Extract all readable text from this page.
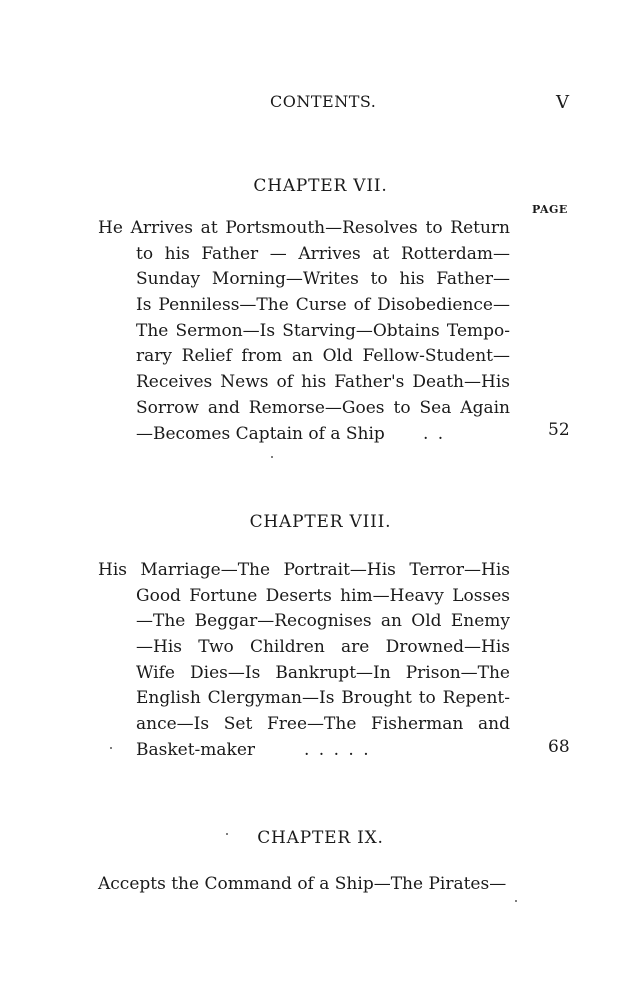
CONTENTS.	V
CHAPTER VII.
PAGE
He Arrives at Portsmouth—Resolves to Return
to his Father — Arrives at Rotterdam—
Sunday Morning—Writes to his Father—
Is Penniless—The Curse of Disobedience—
The Sermon—Is Starving—Obtains Tempo-
rary Relief from an Old Fellow-Student—
Receives News of his Father's Death—His
Sorrow and Remorse—Goes to Sea Again
—Becomes Captain of a Ship . .	52
CHAPTER VIII.
His Marriage—The Portrait—His Terror—His
Good Fortune Deserts him—Heavy Losses
—The Beggar—Recognises an Old Enemy
—His Two Children are Drowned—His
Wife Dies—Is Bankrupt—In Prison—The
English Clergyman—Is Brought to Repent-
ance—Is Set Free—The Fisherman and
Basket-maker	. . . . .	68
CHAPTER IX.
Accepts the Command of a Ship—The Pirates—
